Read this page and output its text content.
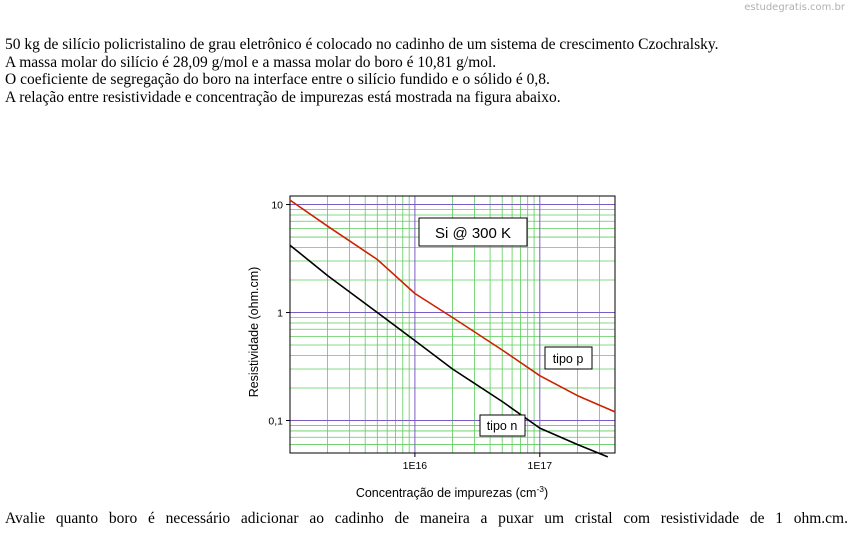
estudegratis.com.br

50 kg de silício policristalino de grau eletrônico é colocado no cadinho de um sistema de crescimento Czochralsky.

A massa molar do silício é 28,09 g/mol e a massa molar do boro é 10,81 g/mol.

O coeficiente de segregação do boro na interface entre o silício fundido e o sólido é 0,8.

A relação entre resistividade e concentração de impurezas está mostrada na figura abaixo.

1E16	1E17
10
1
0,1
Si @ 300 K
tipo p
tipo n
Resistividade (ohm.cm)
Concentração de impurezas $(cm^{-3})$
Avalie quanto boro é necessário adicionar ao cadinho de maneira a puxar um cristal com resistividade de 1 ohm.cm.
